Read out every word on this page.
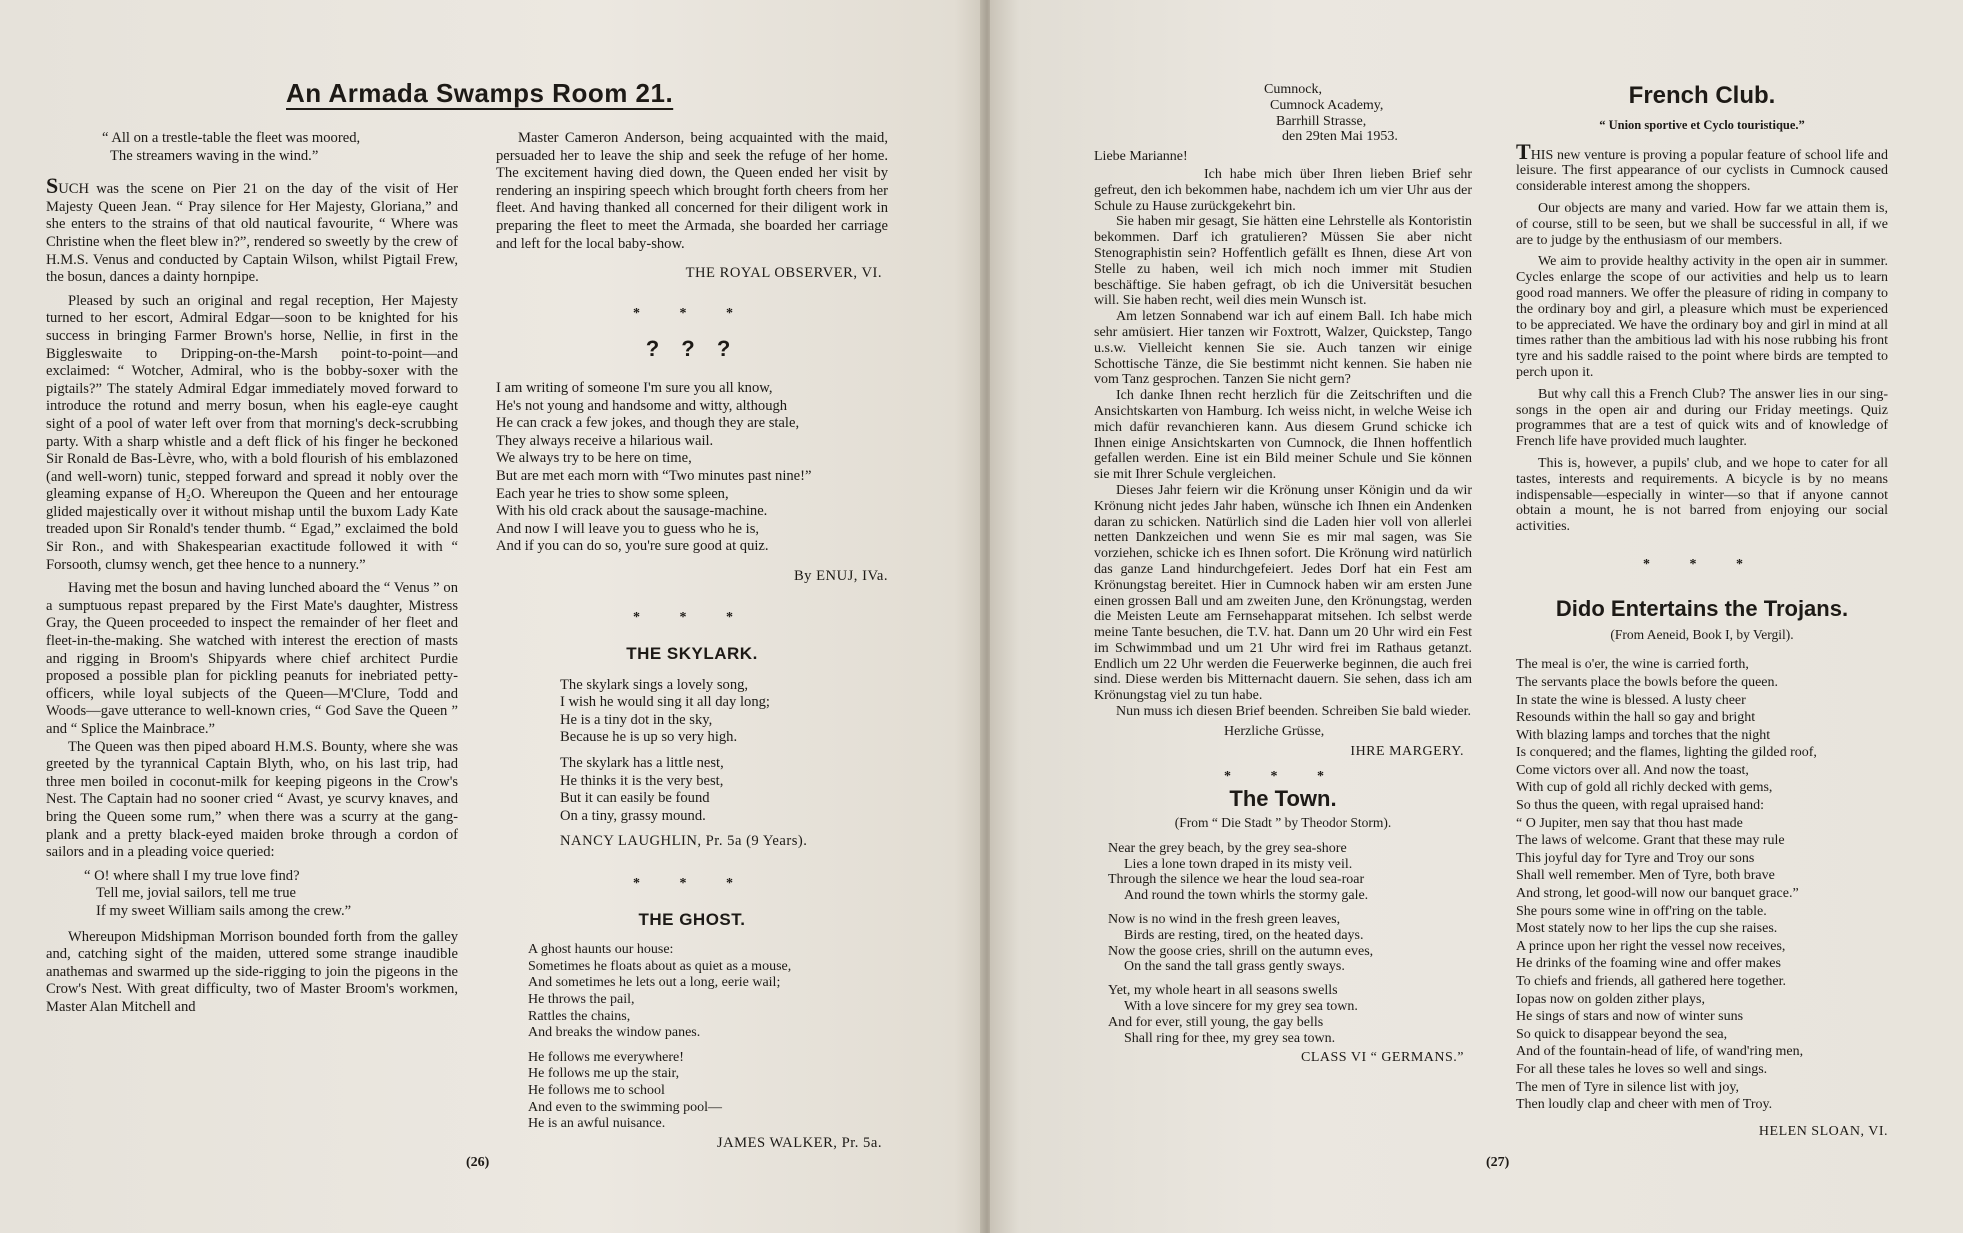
An Armada Swamps Room 21.
“ All on a trestle-table the fleet was moored,
The streamers waving in the wind.”

SUCH was the scene on Pier 21 on the day of the visit of Her Majesty Queen Jean. “ Pray silence for Her Majesty, Gloriana,” and she enters to the strains of that old nautical favourite, “ Where was Christine when the fleet blew in?”, rendered so sweetly by the crew of H.M.S. Venus and conducted by Captain Wilson, whilst Pigtail Frew, the bosun, dances a dainty hornpipe.

Pleased by such an original and regal reception, Her Majesty turned to her escort, Admiral Edgar—soon to be knighted for his success in bringing Farmer Brown's horse, Nellie, in first in the Biggleswaite to Dripping-on-the-Marsh point-to-point—and exclaimed: “ Wotcher, Admiral, who is the bobby-soxer with the pigtails?” The stately Admiral Edgar immediately moved forward to introduce the rotund and merry bosun, when his eagle-eye caught sight of a pool of water left over from that morning's deck-scrubbing party. With a sharp whistle and a deft flick of his finger he beckoned Sir Ronald de Bas-Lèvre, who, with a bold flourish of his emblazoned (and well-worn) tunic, stepped forward and spread it nobly over the gleaming expanse of H₂O. Whereupon the Queen and her entourage glided majestically over it without mishap until the buxom Lady Kate treaded upon Sir Ronald's tender thumb. “ Egad,” exclaimed the bold Sir Ron., and with Shakespearian exactitude followed it with “ Forsooth, clumsy wench, get thee hence to a nunnery.”

Having met the bosun and having lunched aboard the “ Venus ” on a sumptuous repast prepared by the First Mate's daughter, Mistress Gray, the Queen proceeded to inspect the remainder of her fleet and fleet-in-the-making. She watched with interest the erection of masts and rigging in Broom's Shipyards where chief architect Purdie proposed a possible plan for pickling peanuts for inebriated petty-officers, while loyal subjects of the Queen—M'Clure, Todd and Woods—gave utterance to well-known cries, “ God Save the Queen ” and “ Splice the Mainbrace.”

The Queen was then piped aboard H.M.S. Bounty, where she was greeted by the tyrannical Captain Blyth, who, on his last trip, had three men boiled in coconut-milk for keeping pigeons in the Crow's Nest. The Captain had no sooner cried “ Avast, ye scurvy knaves, and bring the Queen some rum,” when there was a scurry at the gang-plank and a pretty black-eyed maiden broke through a cordon of sailors and in a pleading voice queried:

“ O! where shall I my true love find?
Tell me, jovial sailors, tell me true
If my sweet William sails among the crew.”

Whereupon Midshipman Morrison bounded forth from the galley and, catching sight of the maiden, uttered some strange inaudible anathemas and swarmed up the side-rigging to join the pigeons in the Crow's Nest. With great difficulty, two of Master Broom's workmen, Master Alan Mitchell and

Master Cameron Anderson, being acquainted with the maid, persuaded her to leave the ship and seek the refuge of her home. The excitement having died down, the Queen ended her visit by rendering an inspiring speech which brought forth cheers from her fleet. And having thanked all concerned for their diligent work in preparing the fleet to meet the Armada, she boarded her carriage and left for the local baby-show.

THE ROYAL OBSERVER, VI.
* * *
? ? ?
I am writing of someone I'm sure you all know,
He's not young and handsome and witty, although
He can crack a few jokes, and though they are stale,
They always receive a hilarious wail.
We always try to be here on time,
But are met each morn with “Two minutes past nine!”
Each year he tries to show some spleen,
With his old crack about the sausage-machine.
And now I will leave you to guess who he is,
And if you can do so, you're sure good at quiz.
By ENUJ, IVa.
* * *
THE SKYLARK.
The skylark sings a lovely song,
I wish he would sing it all day long;
He is a tiny dot in the sky,
Because he is up so very high.
The skylark has a little nest,
He thinks it is the very best,
But it can easily be found
On a tiny, grassy mound.
NANCY LAUGHLIN, Pr. 5a (9 Years).
* * *
THE GHOST.
A ghost haunts our house:
Sometimes he floats about as quiet as a mouse,
And sometimes he lets out a long, eerie wail;
He throws the pail,
Rattles the chains,
And breaks the window panes.
He follows me everywhere!
He follows me up the stair,
He follows me to school
And even to the swimming pool—
He is an awful nuisance.
JAMES WALKER, Pr. 5a.
(26)
Cumnock,
Cumnock Academy,
Barrhill Strasse,
den 29ten Mai 1953.
Liebe Marianne!

Ich habe mich über Ihren lieben Brief sehr gefreut, den ich bekommen habe, nachdem ich um vier Uhr aus der Schule zu Hause zurückgekehrt bin.

Sie haben mir gesagt, Sie hätten eine Lehrstelle als Kontoristin bekommen. Darf ich gratulieren? Müssen Sie aber nicht Stenographistin sein? Hoffentlich gefällt es Ihnen, diese Art von Stelle zu haben, weil ich mich noch immer mit Studien beschäftige. Sie haben gefragt, ob ich die Universität besuchen will. Sie haben recht, weil dies mein Wunsch ist.

Am letzen Sonnabend war ich auf einem Ball. Ich habe mich sehr amüsiert. Hier tanzen wir Foxtrott, Walzer, Quickstep, Tango u.s.w. Vielleicht kennen Sie sie. Auch tanzen wir einige Schottische Tänze, die Sie bestimmt nicht kennen. Sie haben nie vom Tanz gesprochen. Tanzen Sie nicht gern?

Ich danke Ihnen recht herzlich für die Zeitschriften und die Ansichtskarten von Hamburg. Ich weiss nicht, in welche Weise ich mich dafür revanchieren kann. Aus diesem Grund schicke ich Ihnen einige Ansichtskarten von Cumnock, die Ihnen hoffentlich gefallen werden. Eine ist ein Bild meiner Schule und Sie können sie mit Ihrer Schule vergleichen.

Dieses Jahr feiern wir die Krönung unser Königin und da wir Krönung nicht jedes Jahr haben, wünsche ich Ihnen ein Andenken daran zu schicken. Natürlich sind die Laden hier voll von allerlei netten Dankzeichen und wenn Sie es mir mal sagen, was Sie vorziehen, schicke ich es Ihnen sofort. Die Krönung wird natürlich das ganze Land hindurchgefeiert. Jedes Dorf hat ein Fest am Krönungstag bereitet. Hier in Cumnock haben wir am ersten June einen grossen Ball und am zweiten June, den Krönungstag, werden die Meisten Leute am Fernsehapparat mitsehen. Ich selbst werde meine Tante besuchen, die T.V. hat. Dann um 20 Uhr wird ein Fest im Schwimmbad und um 21 Uhr wird frei im Rathaus getanzt. Endlich um 22 Uhr werden die Feuerwerke beginnen, die auch frei sind. Diese werden bis Mitternacht dauern. Sie sehen, dass ich am Krönungstag viel zu tun habe.

Nun muss ich diesen Brief beenden. Schreiben Sie bald wieder.

Herzliche Grüsse,
IHRE MARGERY.
* * *
The Town.
(From “ Die Stadt ” by Theodor Storm).
Near the grey beach, by the grey sea-shore
Lies a lone town draped in its misty veil.
Through the silence we hear the loud sea-roar
And round the town whirls the stormy gale.
Now is no wind in the fresh green leaves,
Birds are resting, tired, on the heated days.
Now the goose cries, shrill on the autumn eves,
On the sand the tall grass gently sways.
Yet, my whole heart in all seasons swells
With a love sincere for my grey sea town.
And for ever, still young, the gay bells
Shall ring for thee, my grey sea town.
CLASS VI “ GERMANS.”
French Club.
“ Union sportive et Cyclo touristique.”

THIS new venture is proving a popular feature of school life and leisure. The first appearance of our cyclists in Cumnock caused considerable interest among the shoppers.

Our objects are many and varied. How far we attain them is, of course, still to be seen, but we shall be successful in all, if we are to judge by the enthusiasm of our members.

We aim to provide healthy activity in the open air in summer. Cycles enlarge the scope of our activities and help us to learn good road manners. We offer the pleasure of riding in company to the ordinary boy and girl, a pleasure which must be experienced to be appreciated. We have the ordinary boy and girl in mind at all times rather than the ambitious lad with his nose rubbing his front tyre and his saddle raised to the point where birds are tempted to perch upon it.

But why call this a French Club? The answer lies in our sing-songs in the open air and during our Friday meetings. Quiz programmes that are a test of quick wits and of knowledge of French life have provided much laughter.

This is, however, a pupils' club, and we hope to cater for all tastes, interests and requirements. A bicycle is by no means indispensable—especially in winter—so that if anyone cannot obtain a mount, he is not barred from enjoying our social activities.

* * *
Dido Entertains the Trojans.
(From Aeneid, Book I, by Vergil).
The meal is o'er, the wine is carried forth,
The servants place the bowls before the queen.
In state the wine is blessed. A lusty cheer
Resounds within the hall so gay and bright
With blazing lamps and torches that the night
Is conquered; and the flames, lighting the gilded roof,
Come victors over all. And now the toast,
With cup of gold all richly decked with gems,
So thus the queen, with regal upraised hand:
“ O Jupiter, men say that thou hast made
The laws of welcome. Grant that these may rule
This joyful day for Tyre and Troy our sons
Shall well remember. Men of Tyre, both brave
And strong, let good-will now our banquet grace.”
She pours some wine in off'ring on the table.
Most stately now to her lips the cup she raises.
A prince upon her right the vessel now receives,
He drinks of the foaming wine and offer makes
To chiefs and friends, all gathered here together.
Iopas now on golden zither plays,
He sings of stars and now of winter suns
So quick to disappear beyond the sea,
And of the fountain-head of life, of wand'ring men,
For all these tales he loves so well and sings.
The men of Tyre in silence list with joy,
Then loudly clap and cheer with men of Troy.
HELEN SLOAN, VI.
(27)
